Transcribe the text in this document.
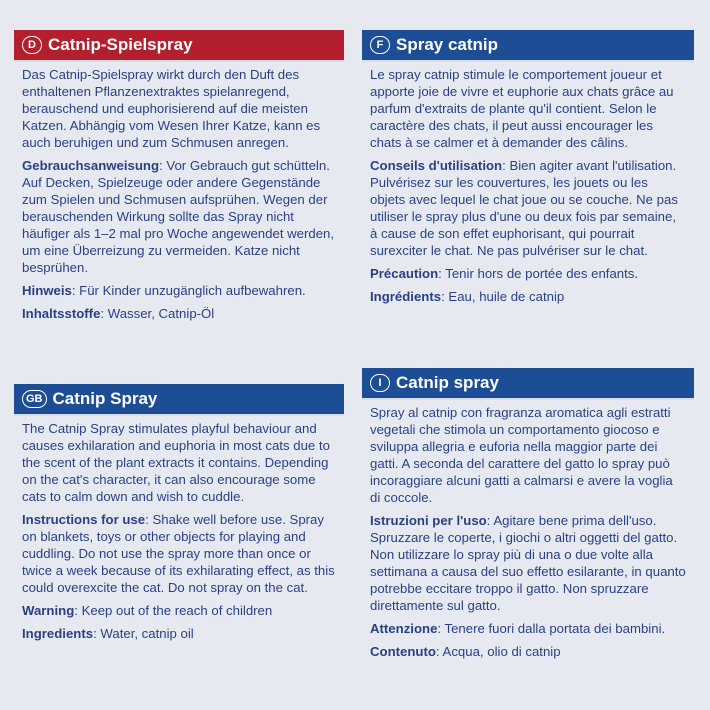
D Catnip-Spielspray

Das Catnip-Spielspray wirkt durch den Duft des enthaltenen Pflanzenextraktes spielanregend, berauschend und euphorisierend auf die meisten Katzen. Abhängig vom Wesen Ihrer Katze, kann es auch beruhigen und zum Schmusen anregen.

Gebrauchsanweisung: Vor Gebrauch gut schütteln. Auf Decken, Spielzeuge oder andere Gegenstände zum Spielen und Schmusen aufsprühen. Wegen der berauschenden Wirkung sollte das Spray nicht häufiger als 1–2 mal pro Woche angewendet werden, um eine Überreizung zu vermeiden. Katze nicht besprühen.

Hinweis: Für Kinder unzugänglich aufbewahren.

Inhaltsstoffe: Wasser, Catnip-Öl

GB Catnip Spray

The Catnip Spray stimulates playful behaviour and causes exhilaration and euphoria in most cats due to the scent of the plant extracts it contains. Depending on the cat's character, it can also encourage some cats to calm down and wish to cuddle.

Instructions for use: Shake well before use. Spray on blankets, toys or other objects for playing and cuddling. Do not use the spray more than once or twice a week because of its exhilarating effect, as this could overexcite the cat. Do not spray on the cat.

Warning: Keep out of the reach of children

Ingredients: Water, catnip oil

F Spray catnip

Le spray catnip stimule le comportement joueur et apporte joie de vivre et euphorie aux chats grâce au parfum d'extraits de plante qu'il contient. Selon le caractère des chats, il peut aussi encourager les chats à se calmer et à demander des câlins.

Conseils d'utilisation: Bien agiter avant l'utilisation. Pulvérisez sur les couvertures, les jouets ou les objets avec lequel le chat joue ou se couche. Ne pas utiliser le spray plus d'une ou deux fois par semaine, à cause de son effet euphorisant, qui pourrait surexciter le chat. Ne pas pulvériser sur le chat.

Précaution: Tenir hors de portée des enfants.

Ingrédients: Eau, huile de catnip

I Catnip spray

Spray al catnip con fragranza aromatica agli estratti vegetali che stimola un comportamento giocoso e sviluppa allegria e euforia nella maggior parte dei gatti. A seconda del carattere del gatto lo spray può incoraggiare alcuni gatti a calmarsi e avere la voglia di coccole.

Istruzioni per l'uso: Agitare bene prima dell'uso. Spruzzare le coperte, i giochi o altri oggetti del gatto. Non utilizzare lo spray più di una o due volte alla settimana a causa del suo effetto esilarante, in quanto potrebbe eccitare troppo il gatto. Non spruzzare direttamente sul gatto.

Attenzione: Tenere fuori dalla portata dei bambini.

Contenuto: Acqua, olio di catnip
